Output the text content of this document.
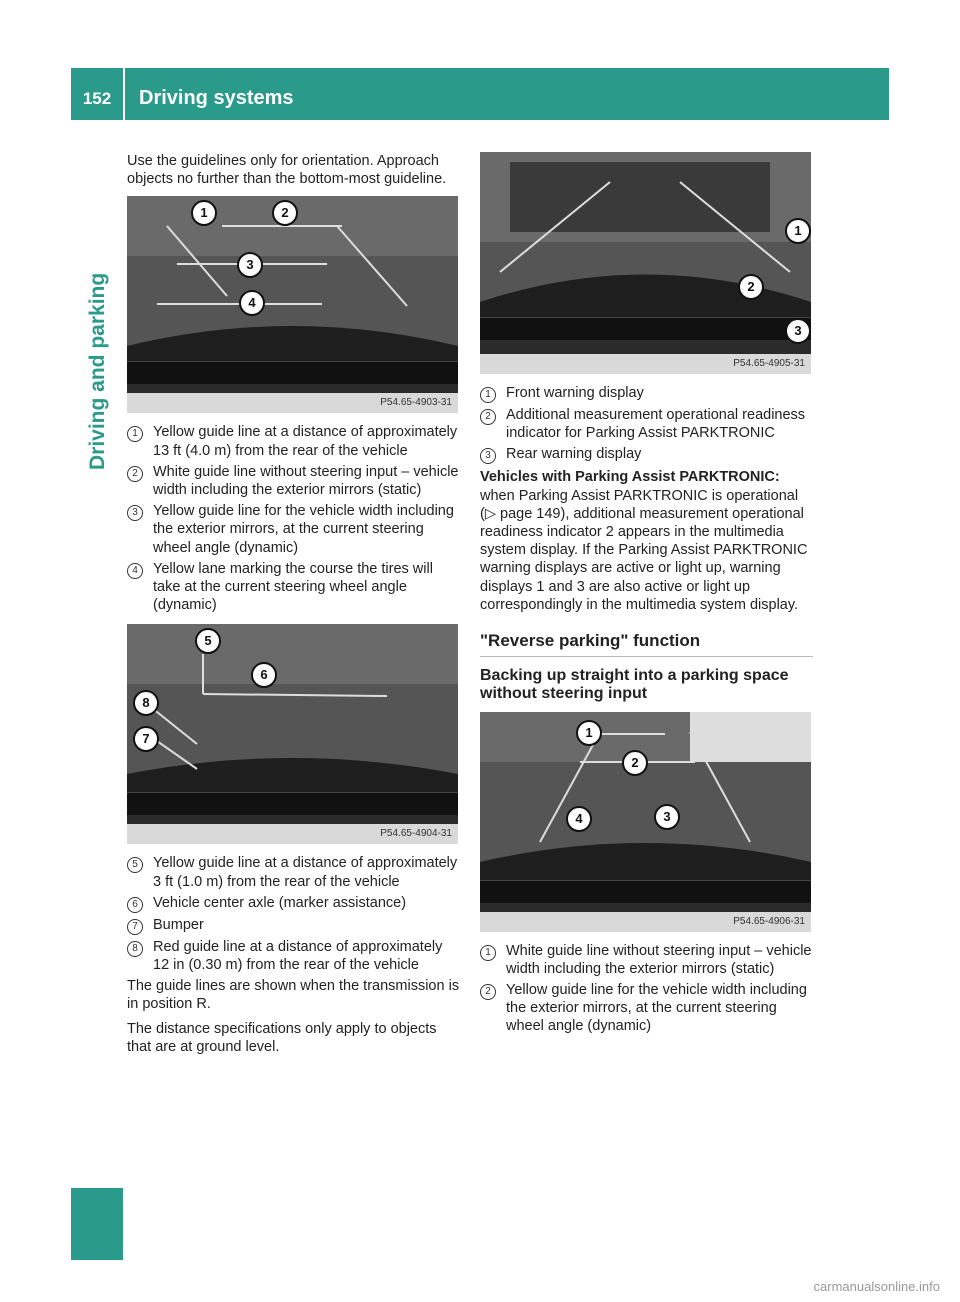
152	Driving systems
Driving and parking

Use the guidelines only for orientation. Approach objects no further than the bottom-most guideline.

1	2
3
4
P54.65-4903-31
1	Yellow guide line at a distance of approximately 13 ft (4.0 m) from the rear of the vehicle
2	White guide line without steering input – vehicle width including the exterior mirrors (static)
3	Yellow guide line for the vehicle width including the exterior mirrors, at the current steering wheel angle (dynamic)
4	Yellow lane marking the course the tires will take at the current steering wheel angle (dynamic)
5
6
8
7
P54.65-4904-31
5	Yellow guide line at a distance of approximately 3 ft (1.0 m) from the rear of the vehicle
6	Vehicle center axle (marker assistance)
7	Bumper
8	Red guide line at a distance of approximately 12 in (0.30 m) from the rear of the vehicle

The guide lines are shown when the transmission is in position R.

The distance specifications only apply to objects that are at ground level.

1
2
3
P54.65-4905-31
1	Front warning display
2	Additional measurement operational readiness indicator for Parking Assist PARKTRONIC
3	Rear warning display

Vehicles with Parking Assist PARKTRONIC:

when Parking Assist PARKTRONIC is operational (▷ page 149), additional measurement operational readiness indicator 2 appears in the multimedia system display. If the Parking Assist PARKTRONIC warning displays are active or light up, warning displays 1 and 3 are also active or light up correspondingly in the multimedia system display.

"Reverse parking" function
Backing up straight into a parking space without steering input
1
2
3
4
P54.65-4906-31
1	White guide line without steering input – vehicle width including the exterior mirrors (static)
2	Yellow guide line for the vehicle width including the exterior mirrors, at the current steering wheel angle (dynamic)
carmanualsonline.info
